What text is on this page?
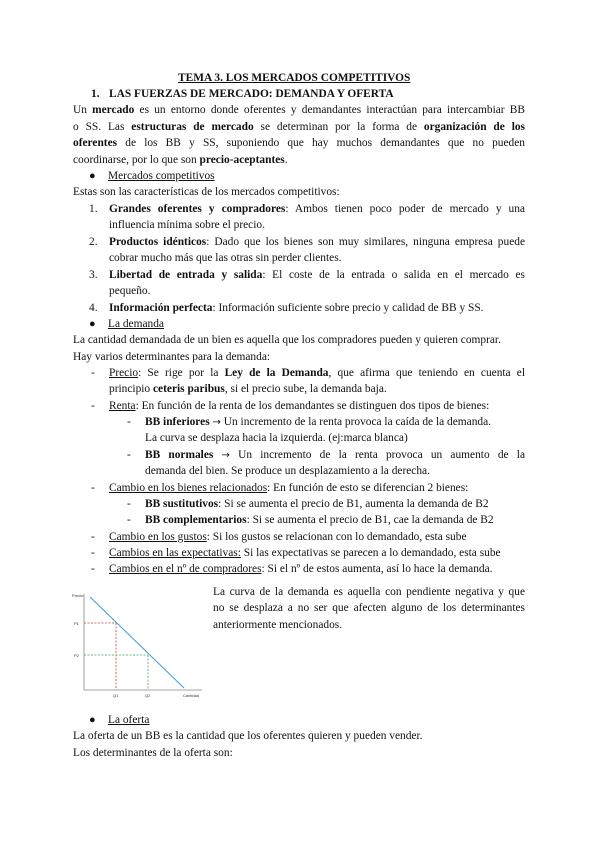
TEMA 3. LOS MERCADOS COMPETITIVOS
1. LAS FUERZAS DE MERCADO: DEMANDA Y OFERTA
Un mercado es un entorno donde oferentes y demandantes interactúan para intercambiar BB
o SS. Las estructuras de mercado se determinan por la forma de organización de los
oferentes de los BB y SS, suponiendo que hay muchos demandantes que no pueden
coordinarse, por lo que son precio-aceptantes.
● Mercados competitivos
Estas son las características de los mercados competitivos:
1. Grandes oferentes y compradores: Ambos tienen poco poder de mercado y una
influencia mínima sobre el precio.
2. Productos idénticos: Dado que los bienes son muy similares, ninguna empresa puede
cobrar mucho más que las otras sin perder clientes.
3. Libertad de entrada y salida: El coste de la entrada o salida en el mercado es
pequeño.
4. Información perfecta: Información suficiente sobre precio y calidad de BB y SS.
● La demanda
La cantidad demandada de un bien es aquella que los compradores pueden y quieren comprar.
Hay varios determinantes para la demanda:
- Precio: Se rige por la Ley de la Demanda, que afirma que teniendo en cuenta el
principio ceteris paribus, si el precio sube, la demanda baja.
- Renta: En función de la renta de los demandantes se distinguen dos tipos de bienes:
- BB inferiores → Un incremento de la renta provoca la caída de la demanda.
La curva se desplaza hacia la izquierda. (ej:marca blanca)
- BB normales → Un incremento de la renta provoca un aumento de la
demanda del bien. Se produce un desplazamiento a la derecha.
- Cambio en los bienes relacionados: En función de esto se diferencian 2 bienes:
- BB sustitutivos: Si se aumenta el precio de B1, aumenta la demanda de B2
- BB complementarios: Si se aumenta el precio de B1, cae la demanda de B2
- Cambio en los gustos: Si los gustos se relacionan con lo demandado, esta sube
- Cambios en las expectativas: Si las expectativas se parecen a lo demandado, esta sube
- Cambios en el nº de compradores: Si el nº de estos aumenta, así lo hace la demanda.
Precio
P1
P2
Q1	Q2	Cantidad
La curva de la demanda es aquella con pendiente negativa y que
no se desplaza a no ser que afecten alguno de los determinantes
anteriormente mencionados.
● La oferta
La oferta de un BB es la cantidad que los oferentes quieren y pueden vender.
Los determinantes de la oferta son:
